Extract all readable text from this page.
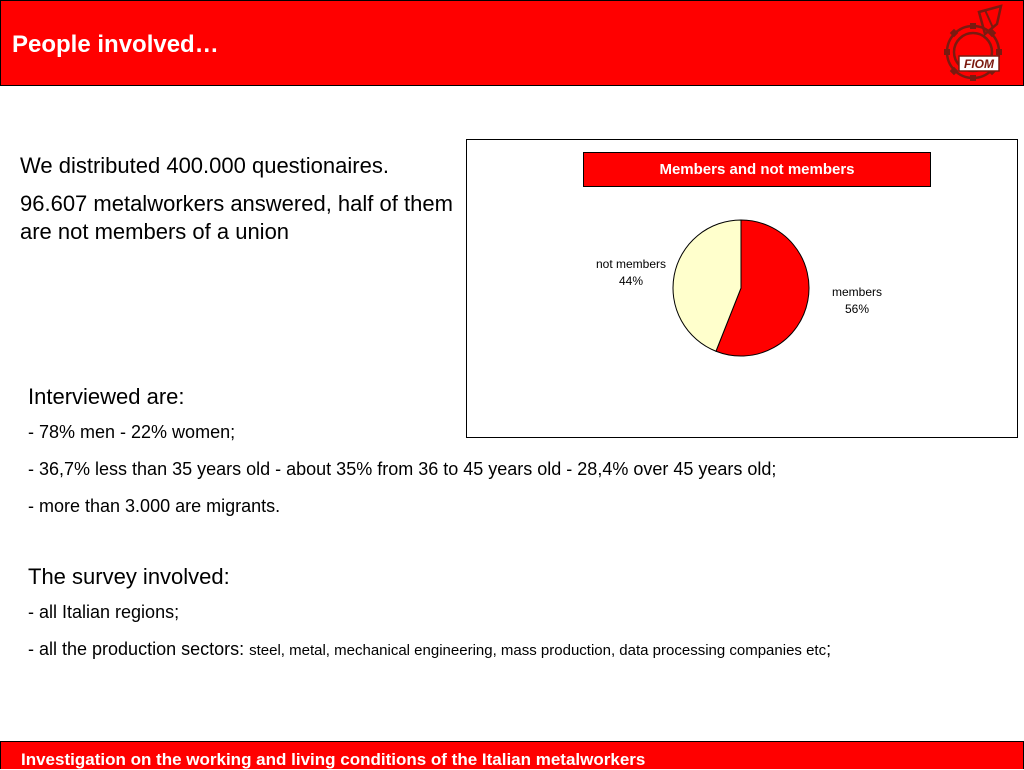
People involved…
FIOM

We distributed 400.000 questionaires.

96.607 metalworkers answered, half of them are not members of a union

Members and not members
members
56%
not members
44%
Interviewed are:
- 78% men - 22% women;
- 36,7% less than 35 years old - about 35% from 36 to 45 years old - 28,4% over 45 years old;
- more than 3.000 are migrants.
The survey involved:
- all Italian regions;
- all the production sectors: steel, metal, mechanical engineering, mass production, data processing companies etc;
Investigation on the working and living conditions of the Italian metalworkers
